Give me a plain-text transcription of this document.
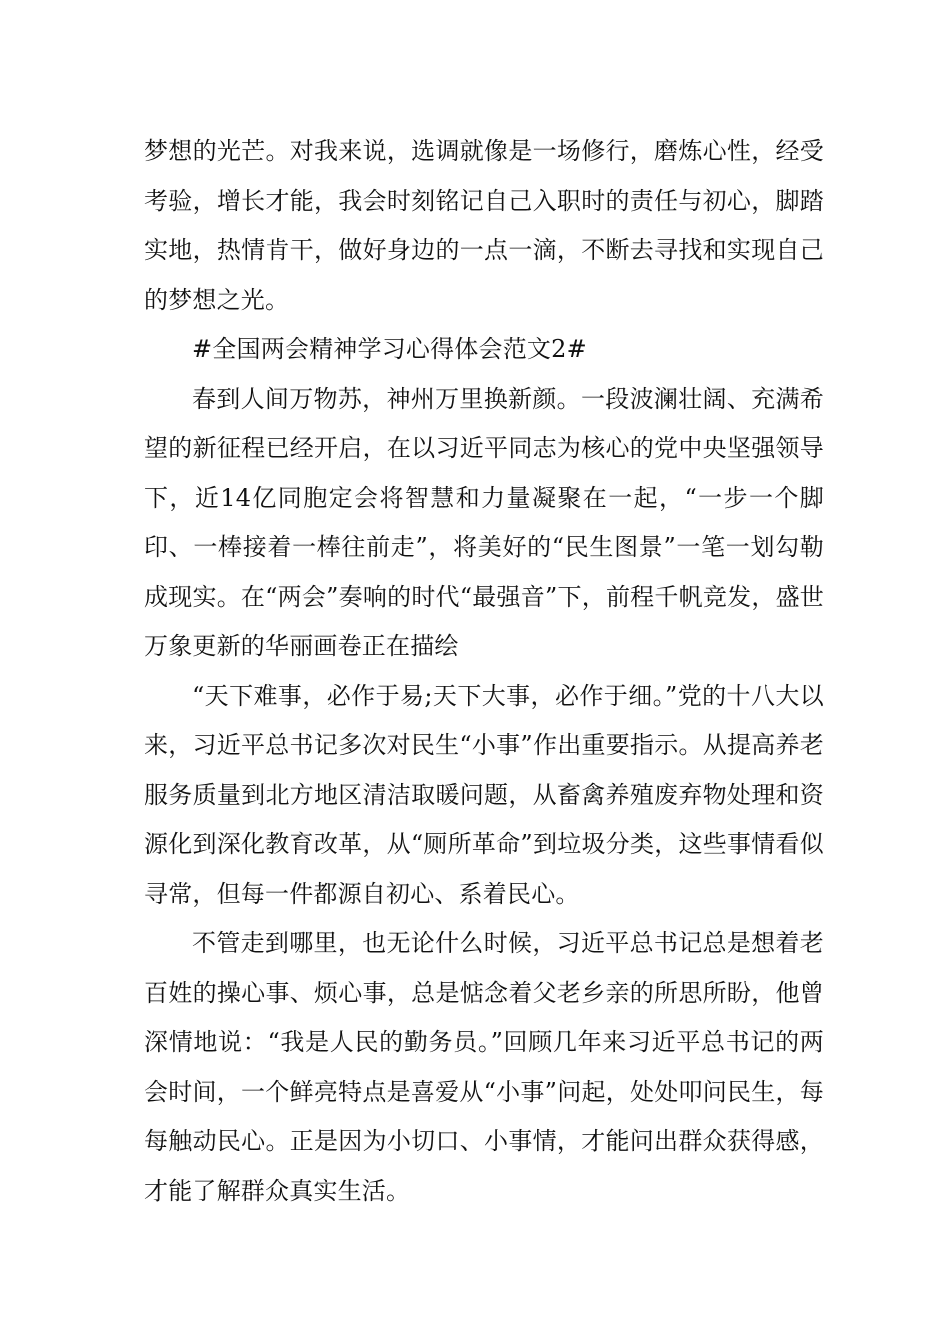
梦想的光芒。对我来说，选调就像是一场修行，磨炼心性，经受考验，增长才能，我会时刻铭记自己入职时的责任与初心，脚踏实地，热情肯干，做好身边的一点一滴，不断去寻找和实现自己的梦想之光。

#全国两会精神学习心得体会范文2#

春到人间万物苏，神州万里换新颜。一段波澜壮阔、充满希望的新征程已经开启，在以习近平同志为核心的党中央坚强领导下，近14亿同胞定会将智慧和力量凝聚在一起，“一步一个脚印、一棒接着一棒往前走”，将美好的“民生图景”一笔一划勾勒成现实。在“两会”奏响的时代“最强音”下，前程千帆竞发，盛世万象更新的华丽画卷正在描绘

“天下难事，必作于易;天下大事，必作于细。”党的十八大以来，习近平总书记多次对民生“小事”作出重要指示。从提高养老服务质量到北方地区清洁取暖问题，从畜禽养殖废弃物处理和资源化到深化教育改革，从“厕所革命”到垃圾分类，这些事情看似寻常，但每一件都源自初心、系着民心。

不管走到哪里，也无论什么时候，习近平总书记总是想着老百姓的操心事、烦心事，总是惦念着父老乡亲的所思所盼，他曾深情地说：“我是人民的勤务员。”回顾几年来习近平总书记的两会时间，一个鲜亮特点是喜爱从“小事”问起，处处叩问民生，每每触动民心。正是因为小切口、小事情，才能问出群众获得感，才能了解群众真实生活。
